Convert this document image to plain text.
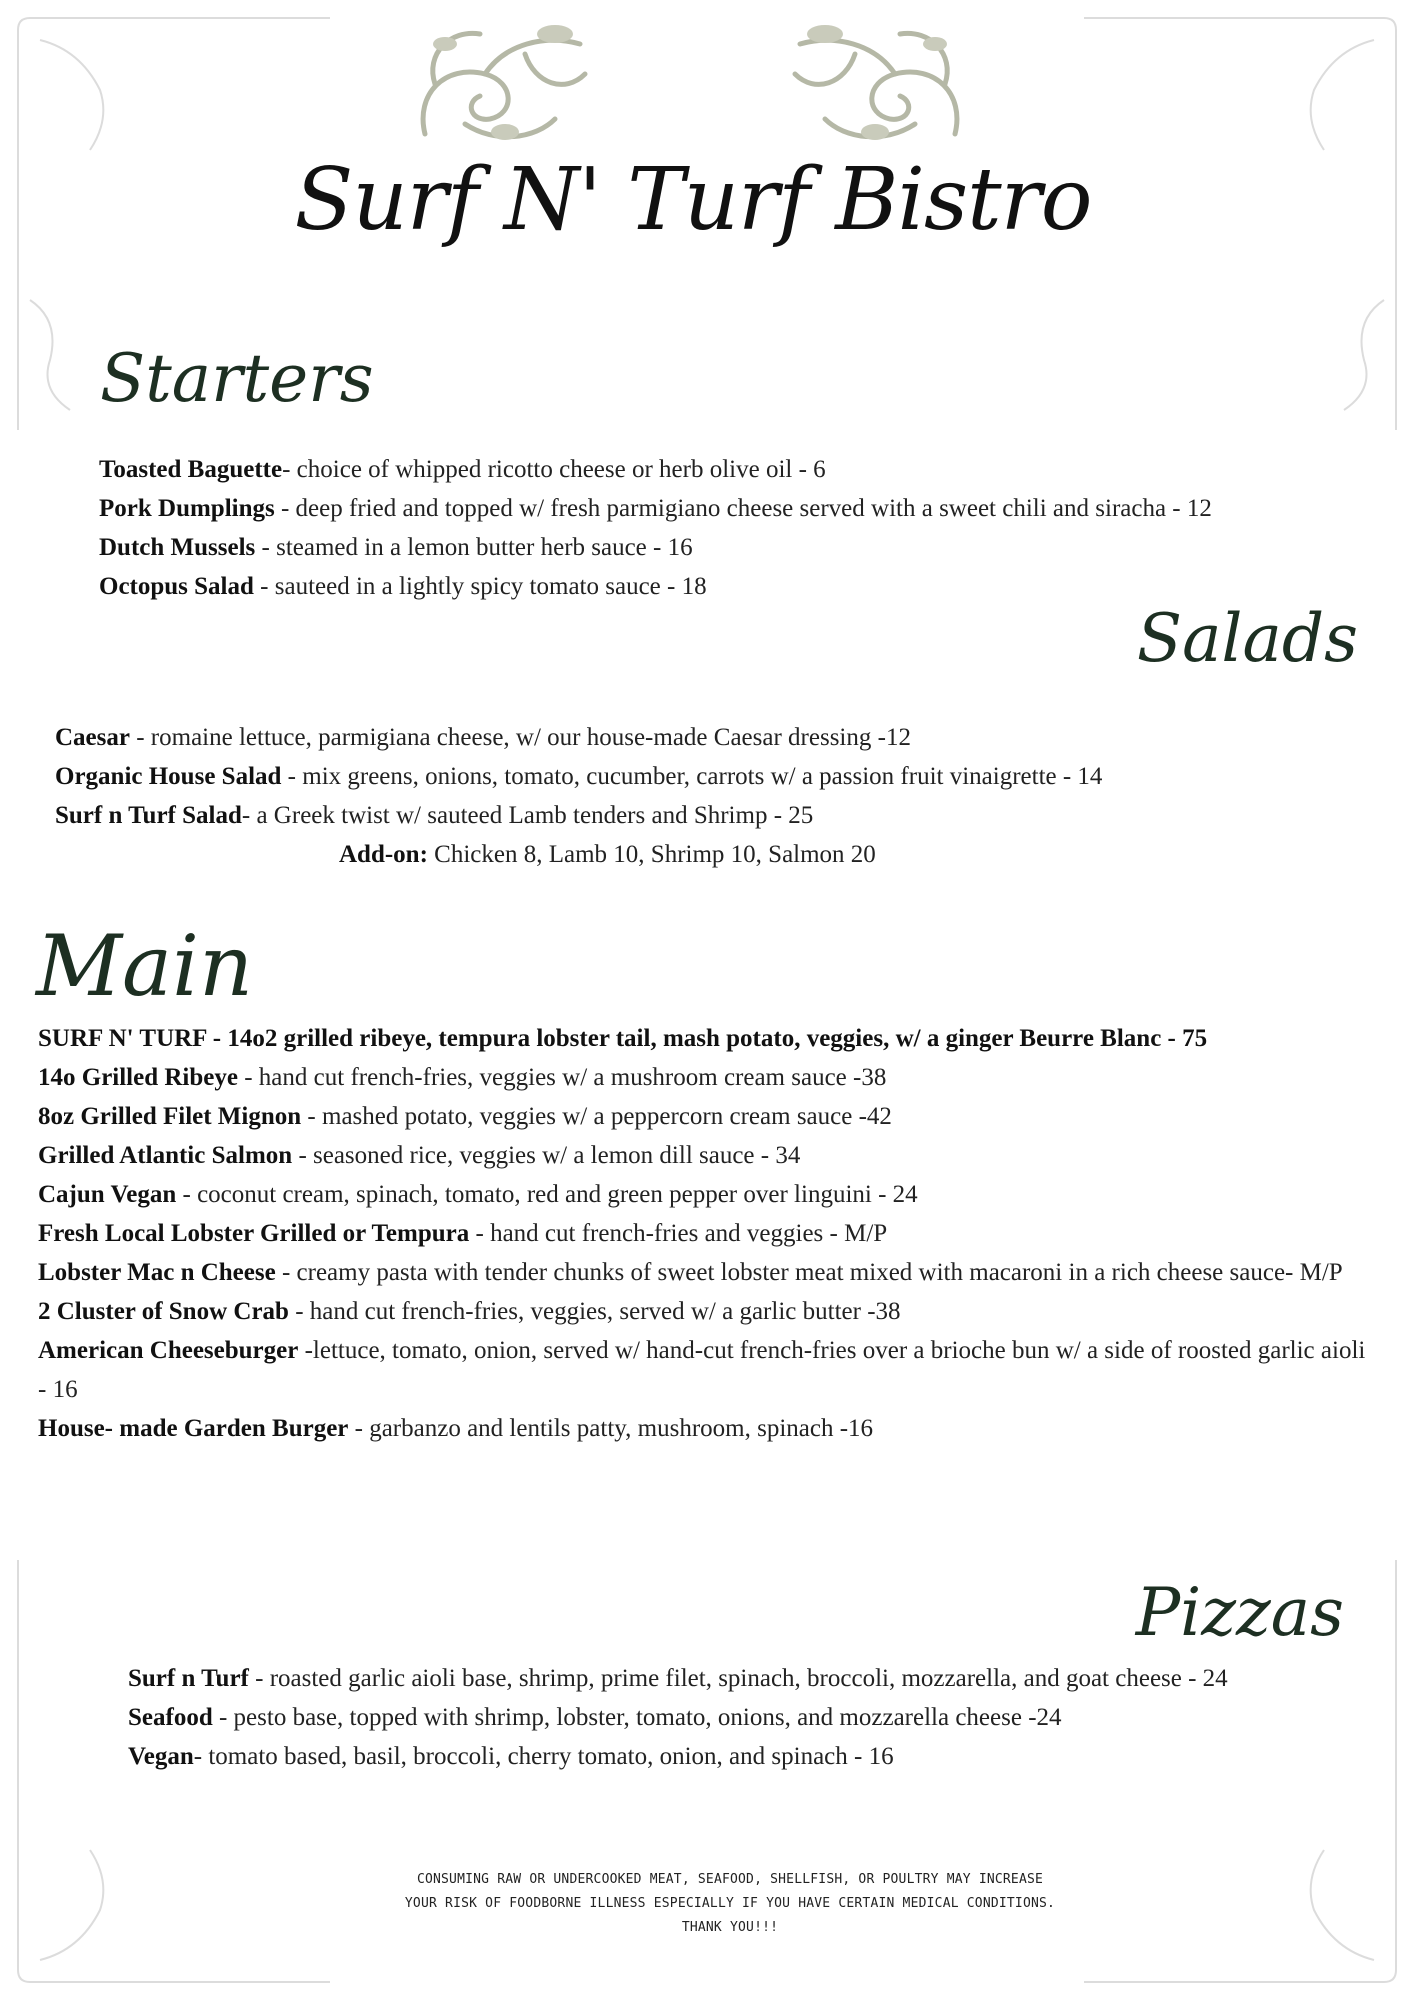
Surf N' Turf Bistro
Starters
Toasted Baguette- choice of whipped ricotto cheese or herb olive oil - 6
Pork Dumplings - deep fried and topped w/ fresh parmigiano cheese served with a sweet chili and siracha - 12
Dutch Mussels - steamed in a lemon butter herb sauce - 16
Octopus Salad - sauteed in a lightly spicy tomato sauce - 18
Salads
Caesar - romaine lettuce, parmigiana cheese, w/ our house-made Caesar dressing -12
Organic House Salad - mix greens, onions, tomato, cucumber, carrots w/ a passion fruit vinaigrette - 14
Surf n Turf Salad- a Greek twist w/ sauteed Lamb tenders and Shrimp - 25
Add-on: Chicken 8, Lamb 10, Shrimp 10, Salmon 20
Main
SURF N' TURF - 14o2 grilled ribeye, tempura lobster tail, mash potato, veggies, w/ a ginger Beurre Blanc - 75
14o Grilled Ribeye - hand cut french-fries, veggies w/ a mushroom cream sauce -38
8oz Grilled Filet Mignon - mashed potato, veggies w/ a peppercorn cream sauce -42
Grilled Atlantic Salmon - seasoned rice, veggies w/ a lemon dill sauce - 34
Cajun Vegan - coconut cream, spinach, tomato, red and green pepper over linguini - 24
Fresh Local Lobster Grilled or Tempura - hand cut french-fries and veggies - M/P
Lobster Mac n Cheese - creamy pasta with tender chunks of sweet lobster meat mixed with macaroni in a rich cheese sauce- M/P
2 Cluster of Snow Crab - hand cut french-fries, veggies, served w/ a garlic butter -38
American Cheeseburger -lettuce, tomato, onion, served w/ hand-cut french-fries over a brioche bun w/ a side of roosted garlic aioli - 16
House- made Garden Burger - garbanzo and lentils patty, mushroom, spinach -16
Pizzas
Surf n Turf - roasted garlic aioli base, shrimp, prime filet, spinach, broccoli, mozzarella, and goat cheese - 24
Seafood - pesto base, topped with shrimp, lobster, tomato, onions, and mozzarella cheese -24
Vegan- tomato based, basil, broccoli, cherry tomato, onion, and spinach - 16
CONSUMING RAW OR UNDERCOOKED MEAT, SEAFOOD, SHELLFISH, OR POULTRY MAY INCREASE
YOUR RISK OF FOODBORNE ILLNESS ESPECIALLY IF YOU HAVE CERTAIN MEDICAL CONDITIONS.
THANK YOU!!!
